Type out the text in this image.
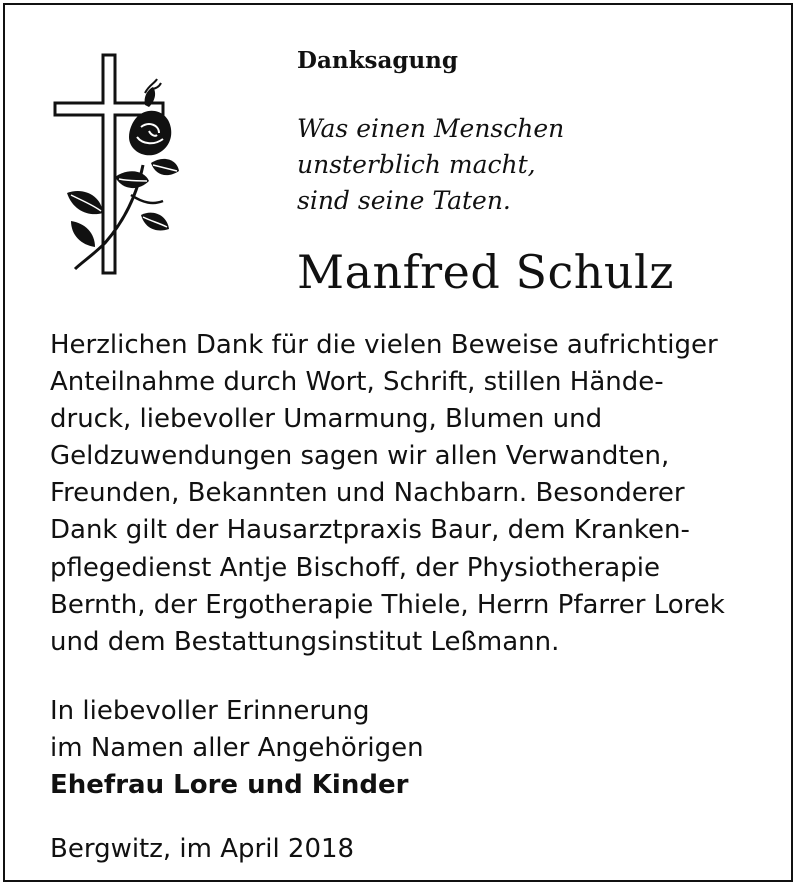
Danksagung

Was einen Menschen
unsterblich macht,
sind seine Taten.

Manfred Schulz

Herzlichen Dank für die vielen Beweise aufrichtiger
Anteilnahme durch Wort, Schrift, stillen Hände-
druck, liebevoller Umarmung, Blumen und
Geldzuwendungen sagen wir allen Verwandten,
Freunden, Bekannten und Nachbarn. Besonderer
Dank gilt der Hausarztpraxis Baur, dem Kranken-
pflegedienst Antje Bischoff, der Physiotherapie
Bernth, der Ergotherapie Thiele, Herrn Pfarrer Lorek
und dem Bestattungsinstitut Leßmann.

In liebevoller Erinnerung
im Namen aller Angehörigen
Ehefrau Lore und Kinder

Bergwitz, im April 2018
